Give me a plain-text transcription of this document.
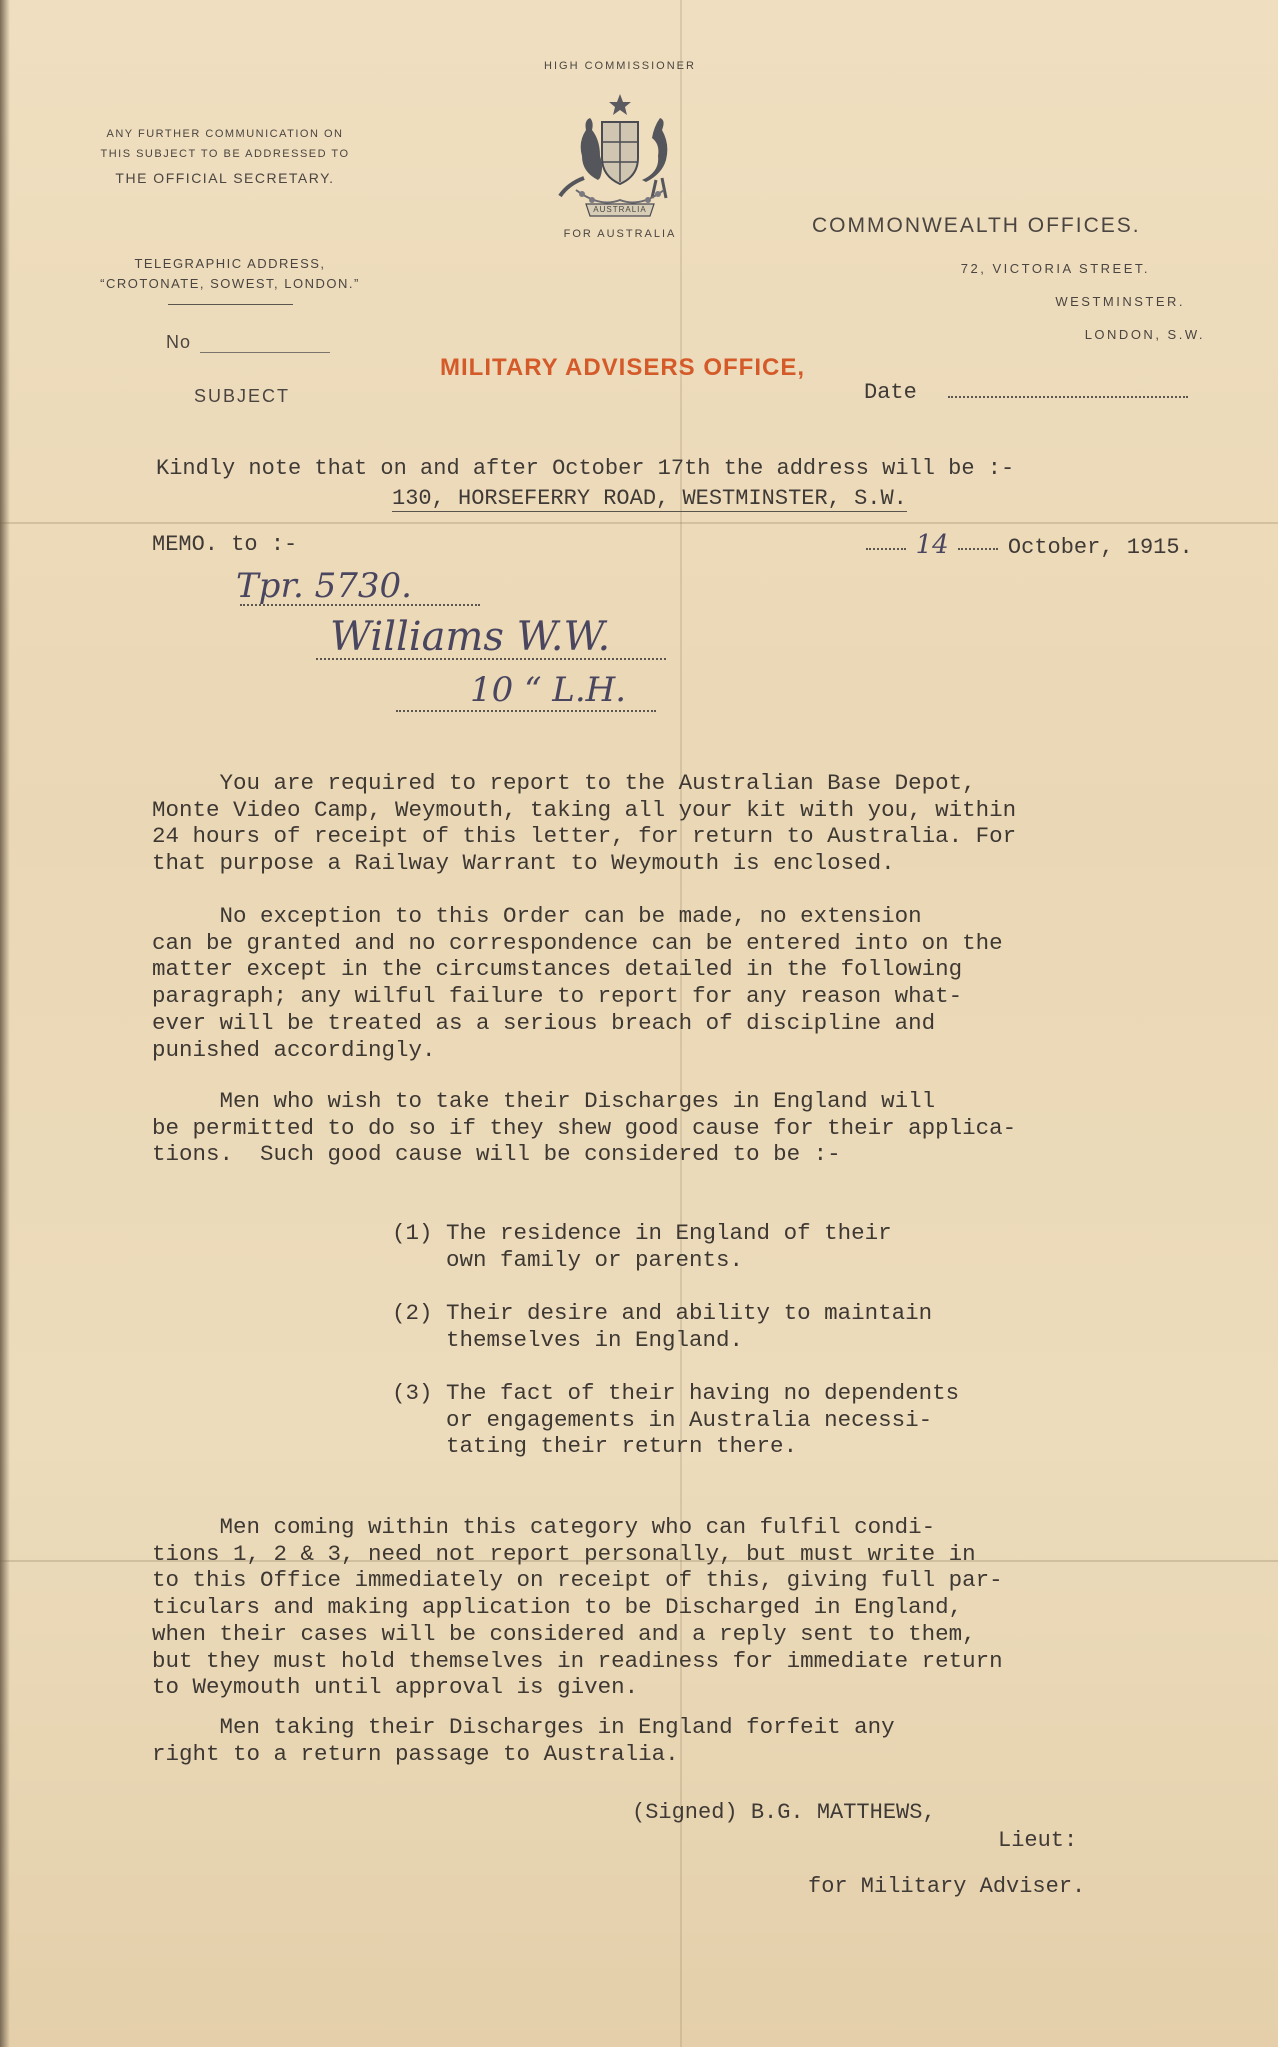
ANY FURTHER COMMUNICATION ON
THIS SUBJECT TO BE ADDRESSED TO
THE OFFICIAL SECRETARY.
TELEGRAPHIC ADDRESS,
“CROTONATE, SOWEST, LONDON.”
No
SUBJECT
HIGH COMMISSIONER
AUSTRALIA
FOR AUSTRALIA	COMMONWEALTH OFFICES.
72, VICTORIA STREET.
WESTMINSTER.
LONDON, S.W.
MILITARY ADVISERS OFFICE,
Date
Kindly note that on and after October 17th the address will be :-
130, HORSEFERRY ROAD, WESTMINSTER, S.W.
MEMO. to :-	14	October, 1915.
Tpr. 5730.
Williams W.W.
10 “ L.H.
You are required to report to the Australian Base Depot,
Monte Video Camp, Weymouth, taking all your kit with you, within
24 hours of receipt of this letter, for return to Australia. For
that purpose a Railway Warrant to Weymouth is enclosed.
No exception to this Order can be made, no extension
can be granted and no correspondence can be entered into on the
matter except in the circumstances detailed in the following
paragraph; any wilful failure to report for any reason what-
ever will be treated as a serious breach of discipline and
punished accordingly.
Men who wish to take their Discharges in England will
be permitted to do so if they shew good cause for their applica-
tions.  Such good cause will be considered to be :-
(1) The residence in England of their
own family or parents.
(2) Their desire and ability to maintain
themselves in England.
(3) The fact of their having no dependents
or engagements in Australia necessi-
tating their return there.
Men coming within this category who can fulfil condi-
tions 1, 2 & 3, need not report personally, but must write in
to this Office immediately on receipt of this, giving full par-
ticulars and making application to be Discharged in England,
when their cases will be considered and a reply sent to them,
but they must hold themselves in readiness for immediate return
to Weymouth until approval is given.
Men taking their Discharges in England forfeit any
right to a return passage to Australia.
(Signed) B.G. MATTHEWS,
Lieut:
for Military Adviser.
